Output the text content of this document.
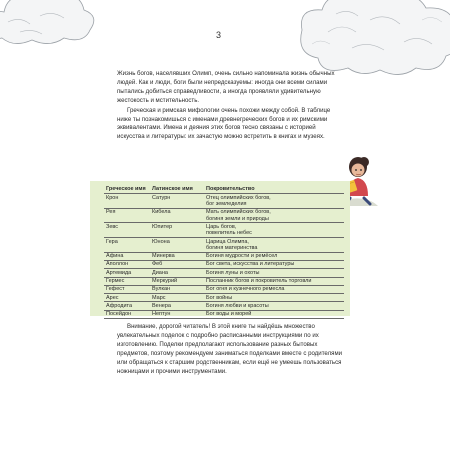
3

Жизнь богов, населявших Олимп, очень сильно напоминала жизнь обычных людей. Как и люди, боги были непредсказуемы: иногда они всеми силами пытались добиться справедливости, а иногда проявляли удивительную жестокость и мстительность.

Греческая и римская мифологии очень похожи между собой. В таблице ниже ты познакомишься с именами древнегреческих богов и их римскими эквивалентами. Имена и деяния этих богов тесно связаны с историей искусства и литературы: их зачастую можно встретить в книгах и музеях.

Греческое имя	Латинское имя	Покровительство
Крон	Сатурн	Отец олимпийских богов,
бог земледелия
Рея	Кибела	Мать олимпийских богов,
богиня земли и природы
Зевс	Юпитер	Царь богов,
повелитель небес
Гера	Юнона	Царица Олимпа,
богиня материнства
Афина	Минерва	Богиня мудрости и ремёсел
Аполлон	Феб	Бог света, искусства и литературы
Артемида	Диана	Богиня луны и охоты
Гермес	Меркурий	Посланник богов и покровитель торговли
Гефест	Вулкан	Бог огня и кузнечного ремесла
Арес	Марс	Бог войны
Афродита	Венера	Богиня любви и красоты
Посейдон	Нептун	Бог воды и морей

Внимание, дорогой читатель! В этой книге ты найдёшь множество увлекательных поделок с подробно расписанными инструкциями по их изготовлению. Поделки предполагают использование разных бытовых предметов, поэтому рекомендуем заниматься поделками вместе с родителями или обращаться к старшим родственникам, если ещё не умеешь пользоваться ножницами и прочими инструментами.
